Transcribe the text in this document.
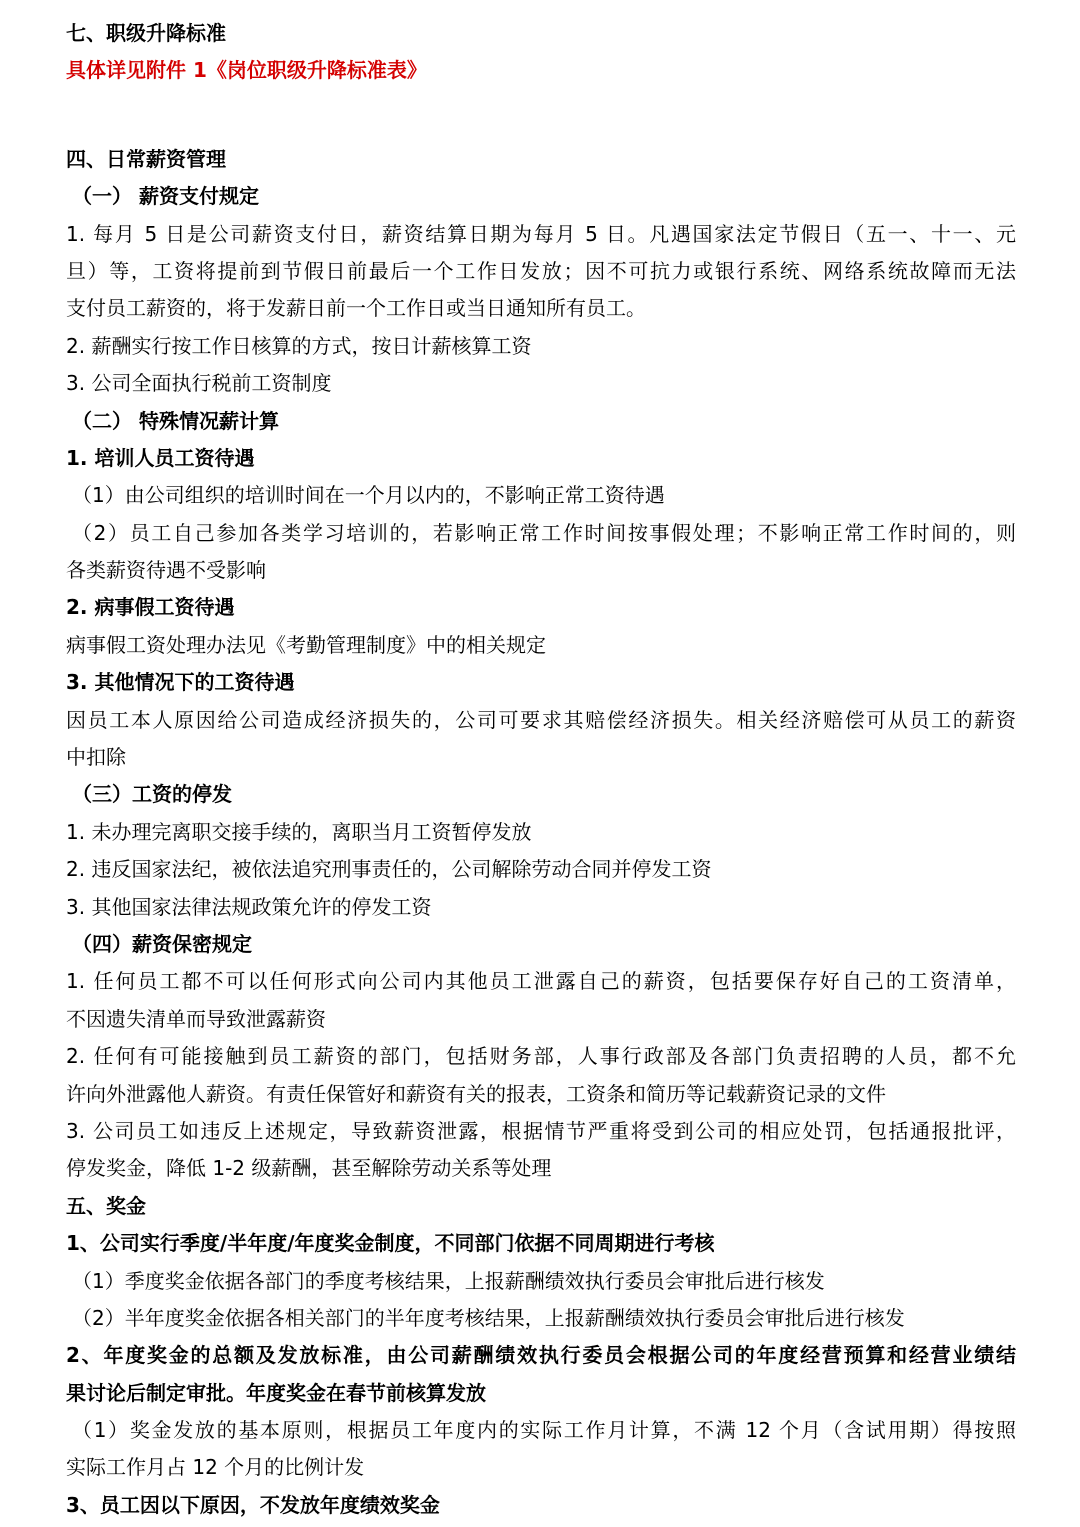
七、职级升降标准
具体详见附件 1《岗位职级升降标准表》
四、日常薪资管理
（一） 薪资支付规定
1. 每月 5 日是公司薪资支付日，薪资结算日期为每月 5 日。凡遇国家法定节假日（五一、十一、元
旦）等，工资将提前到节假日前最后一个工作日发放；因不可抗力或银行系统、网络系统故障而无法
支付员工薪资的，将于发薪日前一个工作日或当日通知所有员工。
2. 薪酬实行按工作日核算的方式，按日计薪核算工资
3. 公司全面执行税前工资制度
（二） 特殊情况薪计算
1. 培训人员工资待遇
（1）由公司组织的培训时间在一个月以内的，不影响正常工资待遇
（2）员工自己参加各类学习培训的，若影响正常工作时间按事假处理；不影响正常工作时间的，则
各类薪资待遇不受影响
2. 病事假工资待遇
病事假工资处理办法见《考勤管理制度》中的相关规定
3. 其他情况下的工资待遇
因员工本人原因给公司造成经济损失的，公司可要求其赔偿经济损失。相关经济赔偿可从员工的薪资
中扣除
（三）工资的停发
1. 未办理完离职交接手续的，离职当月工资暂停发放
2. 违反国家法纪，被依法追究刑事责任的，公司解除劳动合同并停发工资
3. 其他国家法律法规政策允许的停发工资
（四）薪资保密规定
1. 任何员工都不可以任何形式向公司内其他员工泄露自己的薪资，包括要保存好自己的工资清单，
不因遗失清单而导致泄露薪资
2. 任何有可能接触到员工薪资的部门，包括财务部，人事行政部及各部门负责招聘的人员，都不允
许向外泄露他人薪资。有责任保管好和薪资有关的报表，工资条和简历等记载薪资记录的文件
3. 公司员工如违反上述规定，导致薪资泄露，根据情节严重将受到公司的相应处罚，包括通报批评，
停发奖金，降低 1-2 级薪酬，甚至解除劳动关系等处理
五、奖金
1、公司实行季度/半年度/年度奖金制度，不同部门依据不同周期进行考核
（1）季度奖金依据各部门的季度考核结果，上报薪酬绩效执行委员会审批后进行核发
（2）半年度奖金依据各相关部门的半年度考核结果，上报薪酬绩效执行委员会审批后进行核发
2、年度奖金的总额及发放标准，由公司薪酬绩效执行委员会根据公司的年度经营预算和经营业绩结
果讨论后制定审批。年度奖金在春节前核算发放
（1）奖金发放的基本原则，根据员工年度内的实际工作月计算，不满 12 个月（含试用期）得按照
实际工作月占 12 个月的比例计发
3、员工因以下原因，不发放年度绩效奖金
